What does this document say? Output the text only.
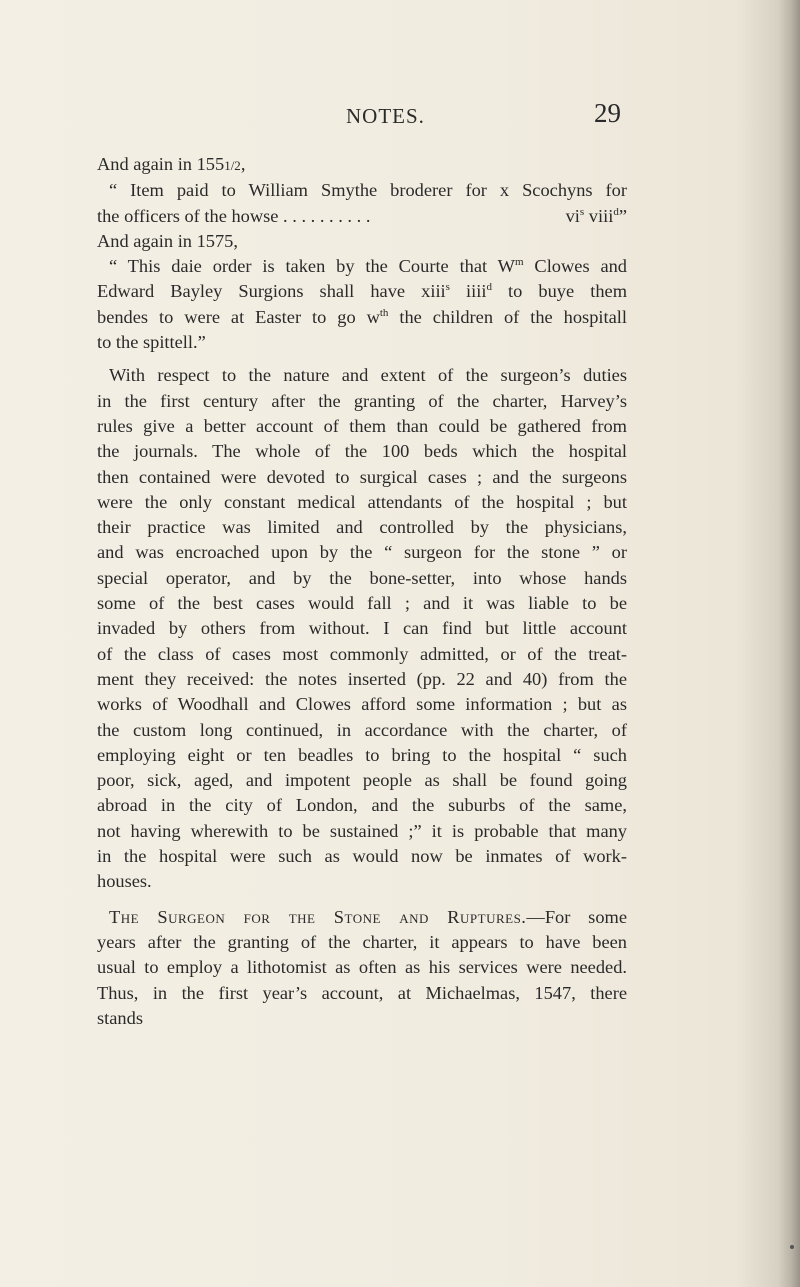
NOTES.	29

And again in 1551/2,

“ Item paid to William Smythe broderer for x Scochyns for
the officers of the howse . . . . . . . . . .	$vi^s$ viii$^d$”

And again in 1575,

“ This daie order is taken by the Courte that $W^m$ Clowes and
Edward Bayley Surgions shall have xiii$^s$ iiii$^d$ to buye them
bendes to were at Easter to go $w^{th}$ the children of the hospitall
to the spittell.”

With respect to the nature and extent of the surgeon’s duties
in the first century after the granting of the charter, Harvey’s
rules give a better account of them than could be gathered from
the journals. The whole of the 100 beds which the hospital
then contained were devoted to surgical cases ; and the surgeons
were the only constant medical attendants of the hospital ; but
their practice was limited and controlled by the physicians,
and was encroached upon by the “ surgeon for the stone ” or
special operator, and by the bone-setter, into whose hands
some of the best cases would fall ; and it was liable to be
invaded by others from without. I can find but little account
of the class of cases most commonly admitted, or of the treat-
ment they received: the notes inserted (pp. 22 and 40) from the
works of Woodhall and Clowes afford some information ; but as
the custom long continued, in accordance with the charter, of
employing eight or ten beadles to bring to the hospital “ such
poor, sick, aged, and impotent people as shall be found going
abroad in the city of London, and the suburbs of the same,
not having wherewith to be sustained ;” it is probable that many
in the hospital were such as would now be inmates of work-
houses.

The Surgeon for the Stone and Ruptures.—For some
years after the granting of the charter, it appears to have been
usual to employ a lithotomist as often as his services were needed.
Thus, in the first year’s account, at Michaelmas, 1547, there
stands
